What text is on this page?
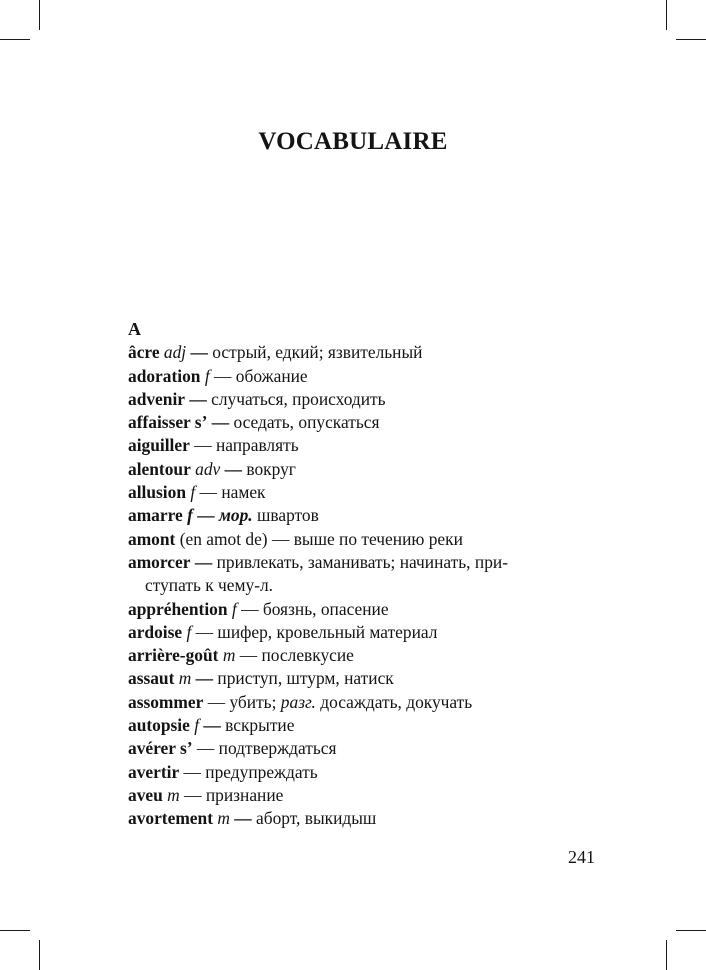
VOCABULAIRE

A

âcre adj — острый, едкий; язвительный

adoration f — обожание

advenir — случаться, происходить

affaisser s’ — оседать, опускаться

aiguiller — направлять

alentour adv — вокруг

allusion f — намек

amarre f — мор. швартов

amont (en amot de) — выше по течению реки

amorcer — привлекать, заманивать; начинать, при-
ступать к чему-л.

appréhention f — боязнь, опасение

ardoise f — шифер, кровельный материал

arrière-goût m — послевкусие

assaut m — приступ, штурм, натиск

assommer — убить; разг. досаждать, докучать

autopsie f — вскрытие

avérer s’ — подтверждаться

avertir — предупреждать

aveu m — признание

avortement m — аборт, выкидыш

241
